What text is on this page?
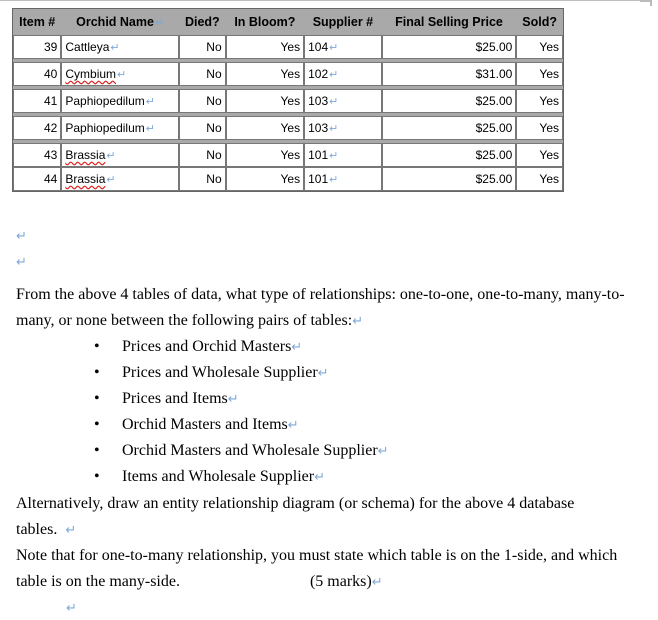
Item #	Orchid Name↵	Died?	In Bloom?	Supplier #	Final Selling Price	Sold?
39	Cattleya↵	No	Yes	104↵	$25.00	Yes

40	Cymbium↵	No	Yes	102↵	$31.00	Yes

41	Paphiopedilum↵	No	Yes	103↵	$25.00	Yes

42	Paphiopedilum↵	No	Yes	103↵	$25.00	Yes

43	Brassia↵	No	Yes	101↵	$25.00	Yes
44	Brassia↵	No	Yes	101↵	$25.00	Yes
↵
↵
From the above 4 tables of data, what type of relationships: one-to-one, one-to-many, many-to-many, or none between the following pairs of tables:↵
• Prices and Orchid Masters↵
• Prices and Wholesale Supplier↵
• Prices and Items↵
• Orchid Masters and Items↵
• Orchid Masters and Wholesale Supplier↵
• Items and Wholesale Supplier↵
Alternatively, draw an entity relationship diagram (or schema) for the above 4 database tables. ↵
Note that for one-to-many relationship, you must state which table is on the 1-side, and which table is on the many-side.	(5 marks)↵
↵
